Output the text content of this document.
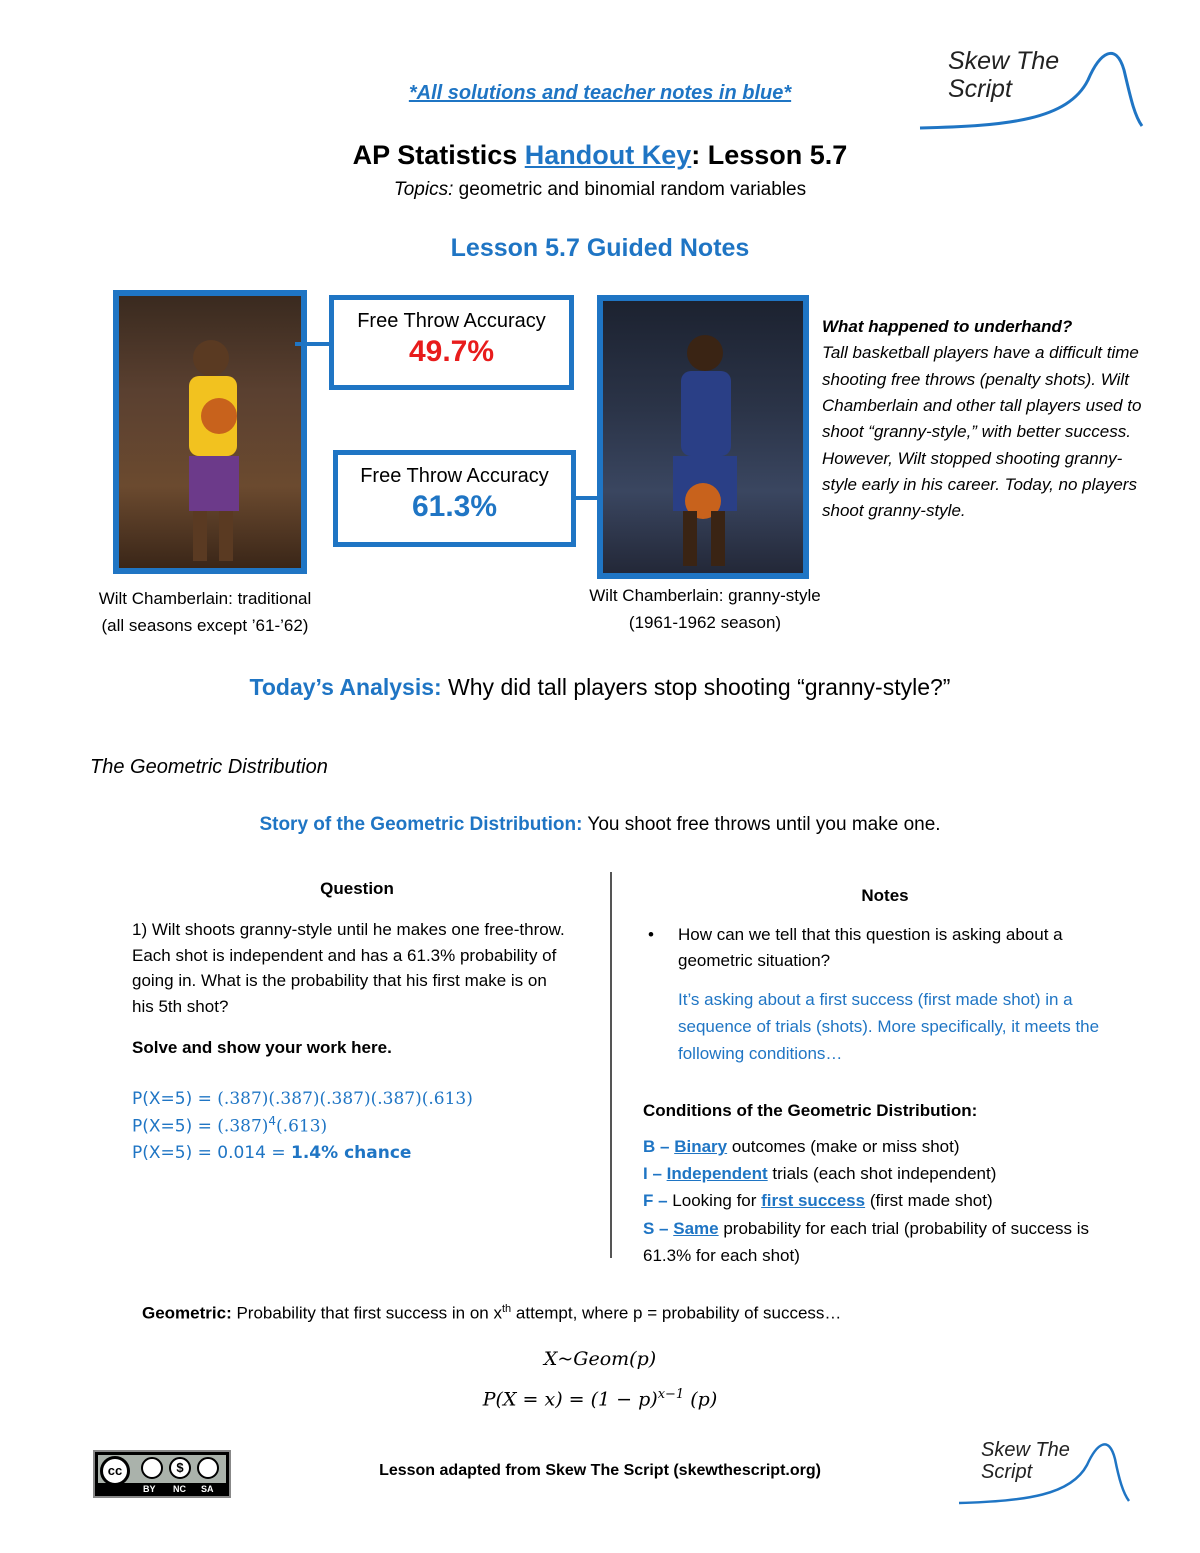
Skew The
Script
*All solutions and teacher notes in blue*
AP Statistics Handout Key: Lesson 5.7
Topics: geometric and binomial random variables
Lesson 5.7 Guided Notes
Free Throw Accuracy
49.7%
Free Throw Accuracy
61.3%
What happened to underhand?
Tall basketball players have a difficult time shooting free throws (penalty shots). Wilt Chamberlain and other tall players used to shoot “granny-style,” with better success. However, Wilt stopped shooting granny-style early in his career. Today, no players shoot granny-style.
Wilt Chamberlain: traditional
(all seasons except ’61-’62)
Wilt Chamberlain: granny-style
(1961-1962 season)
Today’s Analysis: Why did tall players stop shooting “granny-style?”
The Geometric Distribution
Story of the Geometric Distribution: You shoot free throws until you make one.
Question
1) Wilt shoots granny-style until he makes one free-throw. Each shot is independent and has a 61.3% probability of going in. What is the probability that his first make is on his 5th shot?
Solve and show your work here.
P(X=5) = (.387)(.387)(.387)(.387)(.613)
$P(X=5) = (.387)^4(.613)$
P(X=5) = 0.014 = 1.4% chance
Notes
•	How can we tell that this question is asking about a geometric situation?
It’s asking about a first success (first made shot) in a sequence of trials (shots). More specifically, it meets the following conditions…
Conditions of the Geometric Distribution:
B – Binary outcomes (make or miss shot)
I – Independent trials (each shot independent)
F – Looking for first success (first made shot)
S – Same probability for each trial (probability of success is 61.3% for each shot)
Geometric: Probability that first success in on $x^{th}$ attempt, where p = probability of success…
X~Geom(p)
$P(X = x) = (1 - p)^{x-1}$ (p)
cc	$
BY NC SA
Lesson adapted from Skew The Script (skewthescript.org)
Skew The
Script
